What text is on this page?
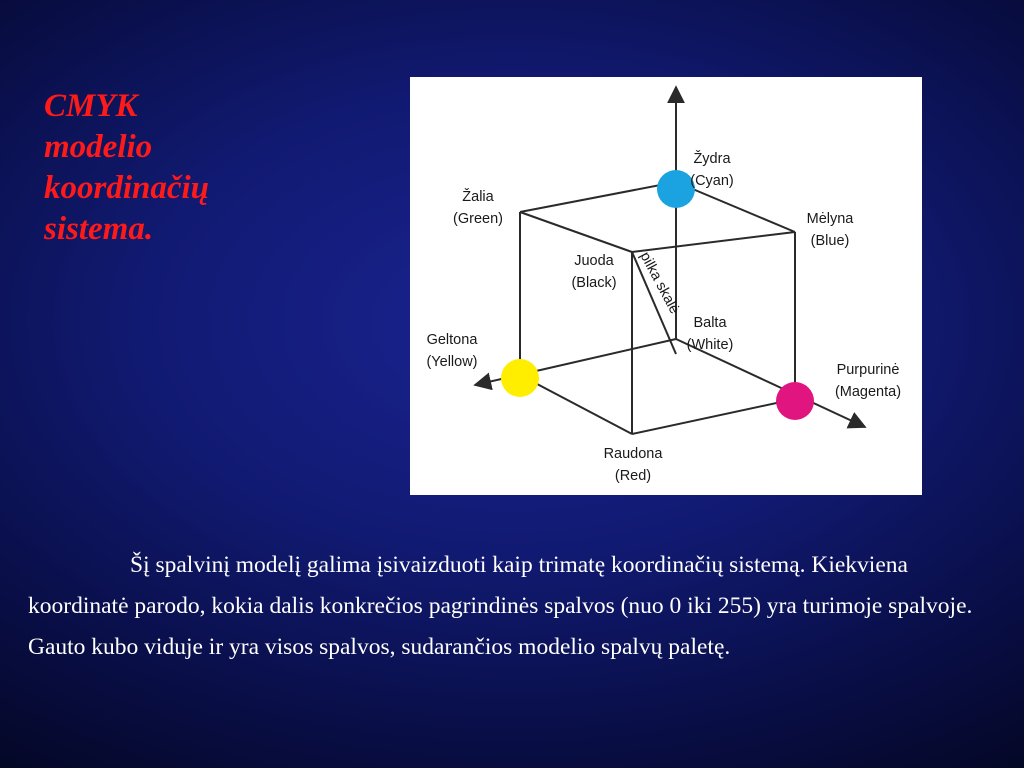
CMYK
modelio
koordinačių
sistema.
pilka skalė
Žydra
(Cyan)
Žalia
(Green)	Mėlyna
(Blue)
Juoda
(Black)
Balta
(White)
Geltona
(Yellow)	Purpurinė
(Magenta)
Raudona
(Red)

Šį spalvinį modelį galima įsivaizduoti kaip trimatę koordinačių sistemą. Kiekviena koordinatė parodo, kokia dalis konkrečios pagrindinės spalvos (nuo 0 iki 255) yra turimoje spalvoje. Gauto kubo viduje ir yra visos spalvos, sudarančios modelio spalvų paletę.
